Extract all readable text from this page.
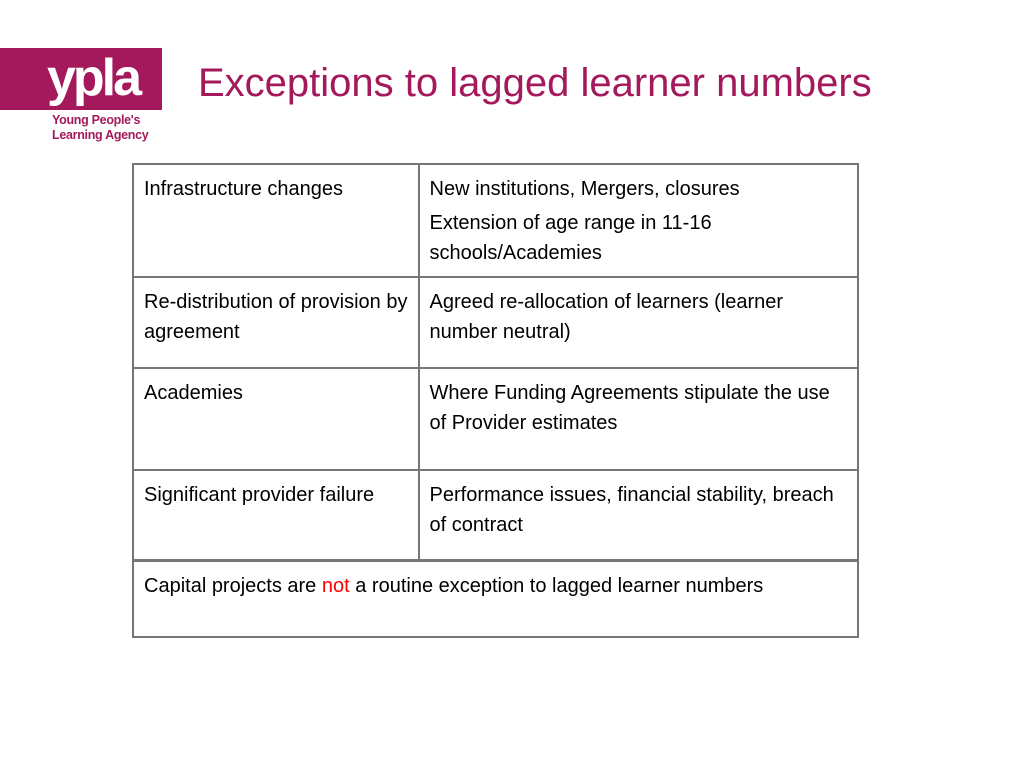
ypla
Young People's
Learning Agency
Exceptions to lagged learner numbers

Infrastructure changes	New institutions, Mergers, closures

Extension of age range in 11-16 schools/Academies

Re-distribution of provision by agreement	Agreed re-allocation of learners (learner number neutral)

Academies	Where Funding Agreements stipulate the use of Provider estimates

Significant provider failure	Performance issues, financial stability, breach of contract

Capital projects are not a routine exception to lagged learner numbers	
